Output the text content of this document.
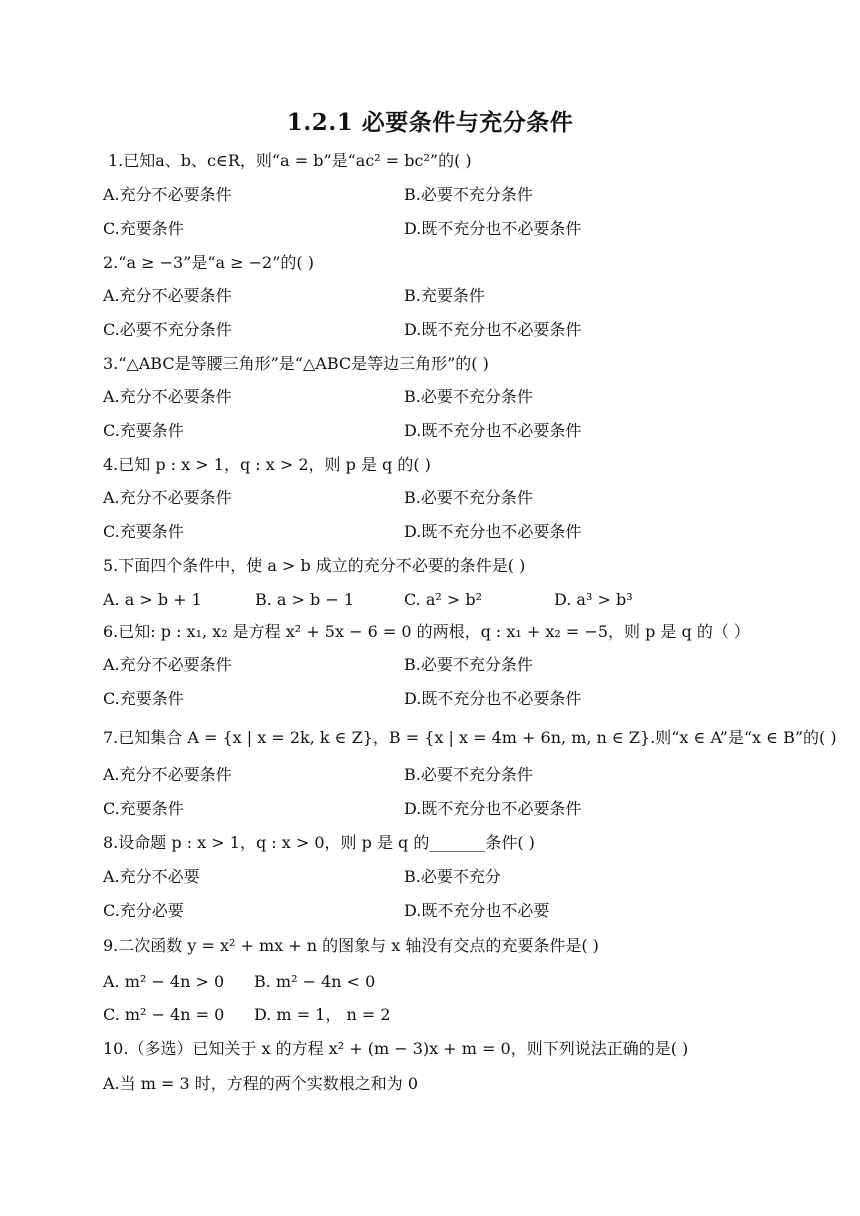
1.2.1 必要条件与充分条件
1.已知a、b、c∈R，则“a = b”是“ac² = bc²”的( )
A.充分不必要条件	B.必要不充分条件
C.充要条件	D.既不充分也不必要条件
2.“a ≥ −3”是“a ≥ −2”的( )
A.充分不必要条件	B.充要条件
C.必要不充分条件	D.既不充分也不必要条件
3.“△ABC是等腰三角形”是“△ABC是等边三角形”的( )
A.充分不必要条件	B.必要不充分条件
C.充要条件	D.既不充分也不必要条件
4.已知 p : x > 1，q : x > 2，则 p 是 q 的( )
A.充分不必要条件	B.必要不充分条件
C.充要条件	D.既不充分也不必要条件
5.下面四个条件中，使 a > b 成立的充分不必要的条件是( )
A. a > b + 1	B. a > b − 1	C. a² > b²	D. a³ > b³
6.已知: p : x₁, x₂ 是方程 x² + 5x − 6 = 0 的两根，q : x₁ + x₂ = −5，则 p 是 q 的（ ）
A.充分不必要条件	B.必要不充分条件
C.充要条件	D.既不充分也不必要条件
7.已知集合 A = {x | x = 2k, k ∈ Z}，B = {x | x = 4m + 6n, m, n ∈ Z}.则“x ∈ A”是“x ∈ B”的( )
A.充分不必要条件	B.必要不充分条件
C.充要条件	D.既不充分也不必要条件
8.设命题 p : x > 1，q : x > 0，则 p 是 q 的_______条件( )
A.充分不必要	B.必要不充分
C.充分必要	D.既不充分也不必要
9.二次函数 y = x² + mx + n 的图象与 x 轴没有交点的充要条件是( )
A. m² − 4n > 0 B. m² − 4n < 0
C. m² − 4n = 0 D. m = 1， n = 2
10.（多选）已知关于 x 的方程 x² + (m − 3)x + m = 0，则下列说法正确的是( )
A.当 m = 3 时，方程的两个实数根之和为 0
